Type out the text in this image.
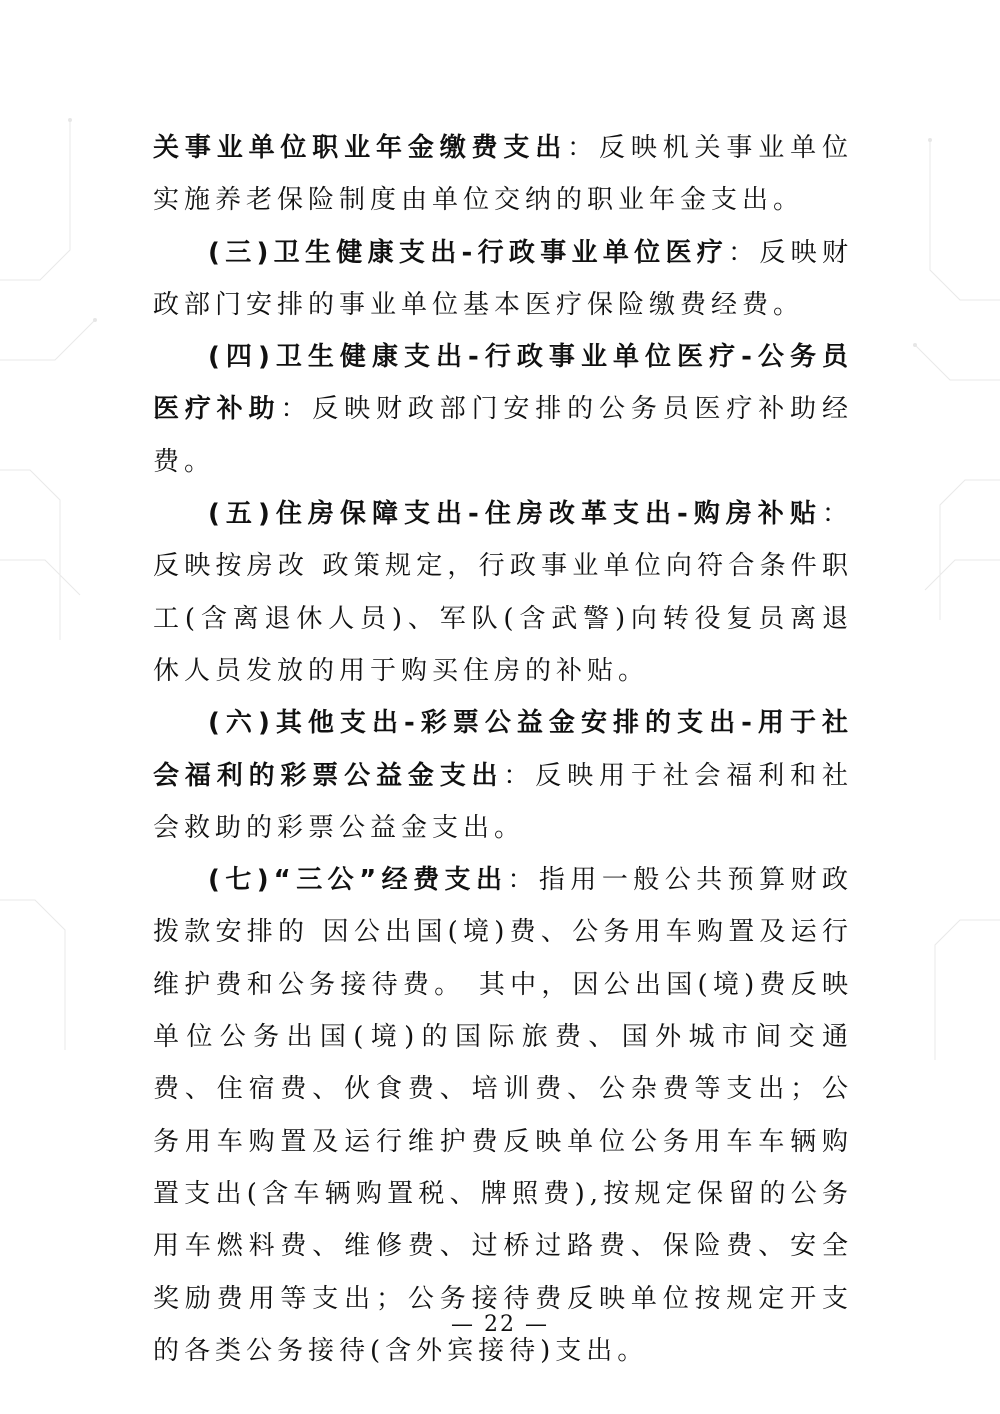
关事业单位职业年金缴费支出：反映机关事业单位实施养老保险制度由单位交纳的职业年金支出。

(三)卫生健康支出-行政事业单位医疗：反映财政部门安排的事业单位基本医疗保险缴费经费。

(四)卫生健康支出-行政事业单位医疗-公务员医疗补助：反映财政部门安排的公务员医疗补助经费。

(五)住房保障支出-住房改革支出-购房补贴：反映按房改 政策规定，行政事业单位向符合条件职工(含离退休人员)、军队(含武警)向转役复员离退休人员发放的用于购买住房的补贴。

(六)其他支出-彩票公益金安排的支出-用于社会福利的彩票公益金支出：反映用于社会福利和社会救助的彩票公益金支出。

(七)“三公”经费支出：指用一般公共预算财政拨款安排的 因公出国(境)费、公务用车购置及运行维护费和公务接待费。 其中，因公出国(境)费反映单位公务出国(境)的国际旅费、国外城市间交通费、住宿费、伙食费、培训费、公杂费等支出；公务用车购置及运行维护费反映单位公务用车车辆购置支出(含车辆购置税、牌照费),按规定保留的公务用车燃料费、维修费、过桥过路费、保险费、安全奖励费用等支出；公务接待费反映单位按规定开支的各类公务接待(含外宾接待)支出。

— 22 —
